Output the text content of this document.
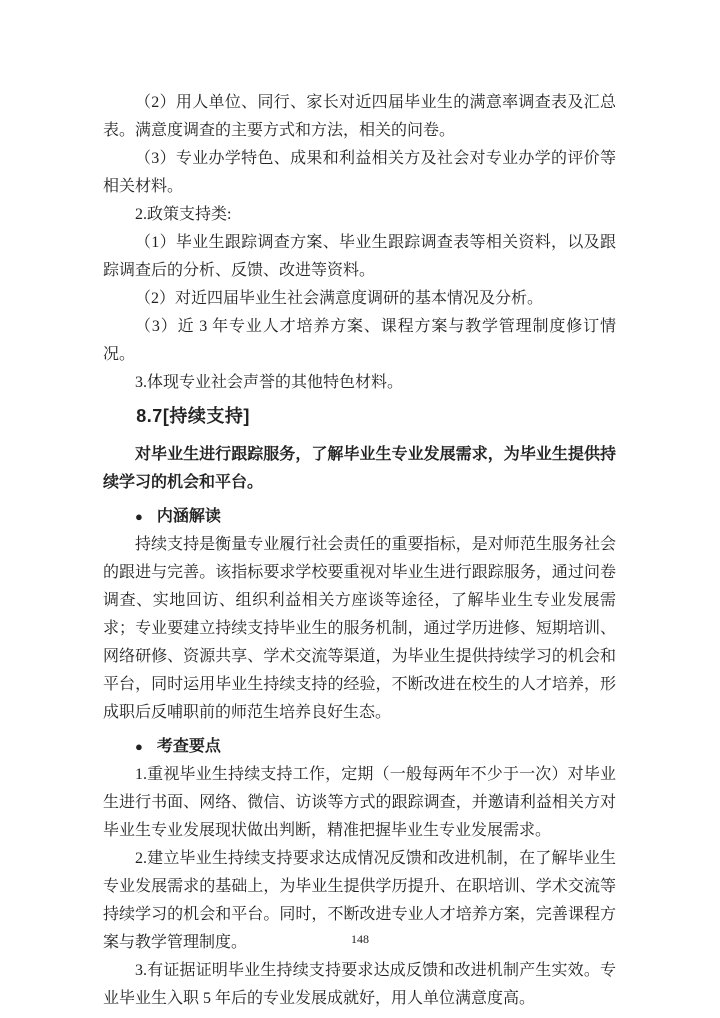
（2）用人单位、同行、家长对近四届毕业生的满意率调查表及汇总表。满意度调查的主要方式和方法，相关的问卷。

（3）专业办学特色、成果和利益相关方及社会对专业办学的评价等相关材料。

2.政策支持类:

（1）毕业生跟踪调查方案、毕业生跟踪调查表等相关资料，以及跟踪调查后的分析、反馈、改进等资料。

（2）对近四届毕业生社会满意度调研的基本情况及分析。

（3）近 3 年专业人才培养方案、课程方案与教学管理制度修订情况。

3.体现专业社会声誉的其他特色材料。

8.7[持续支持]

对毕业生进行跟踪服务，了解毕业生专业发展需求，为毕业生提供持续学习的机会和平台。

● 内涵解读

持续支持是衡量专业履行社会责任的重要指标，是对师范生服务社会的跟进与完善。该指标要求学校要重视对毕业生进行跟踪服务，通过问卷调查、实地回访、组织利益相关方座谈等途径，了解毕业生专业发展需求；专业要建立持续支持毕业生的服务机制，通过学历进修、短期培训、网络研修、资源共享、学术交流等渠道，为毕业生提供持续学习的机会和平台，同时运用毕业生持续支持的经验，不断改进在校生的人才培养，形成职后反哺职前的师范生培养良好生态。

● 考查要点

1.重视毕业生持续支持工作，定期（一般每两年不少于一次）对毕业生进行书面、网络、微信、访谈等方式的跟踪调查，并邀请利益相关方对毕业生专业发展现状做出判断，精准把握毕业生专业发展需求。

2.建立毕业生持续支持要求达成情况反馈和改进机制，在了解毕业生专业发展需求的基础上，为毕业生提供学历提升、在职培训、学术交流等持续学习的机会和平台。同时，不断改进专业人才培养方案，完善课程方案与教学管理制度。

3.有证据证明毕业生持续支持要求达成反馈和改进机制产生实效。专业毕业生入职 5 年后的专业发展成就好，用人单位满意度高。

148
